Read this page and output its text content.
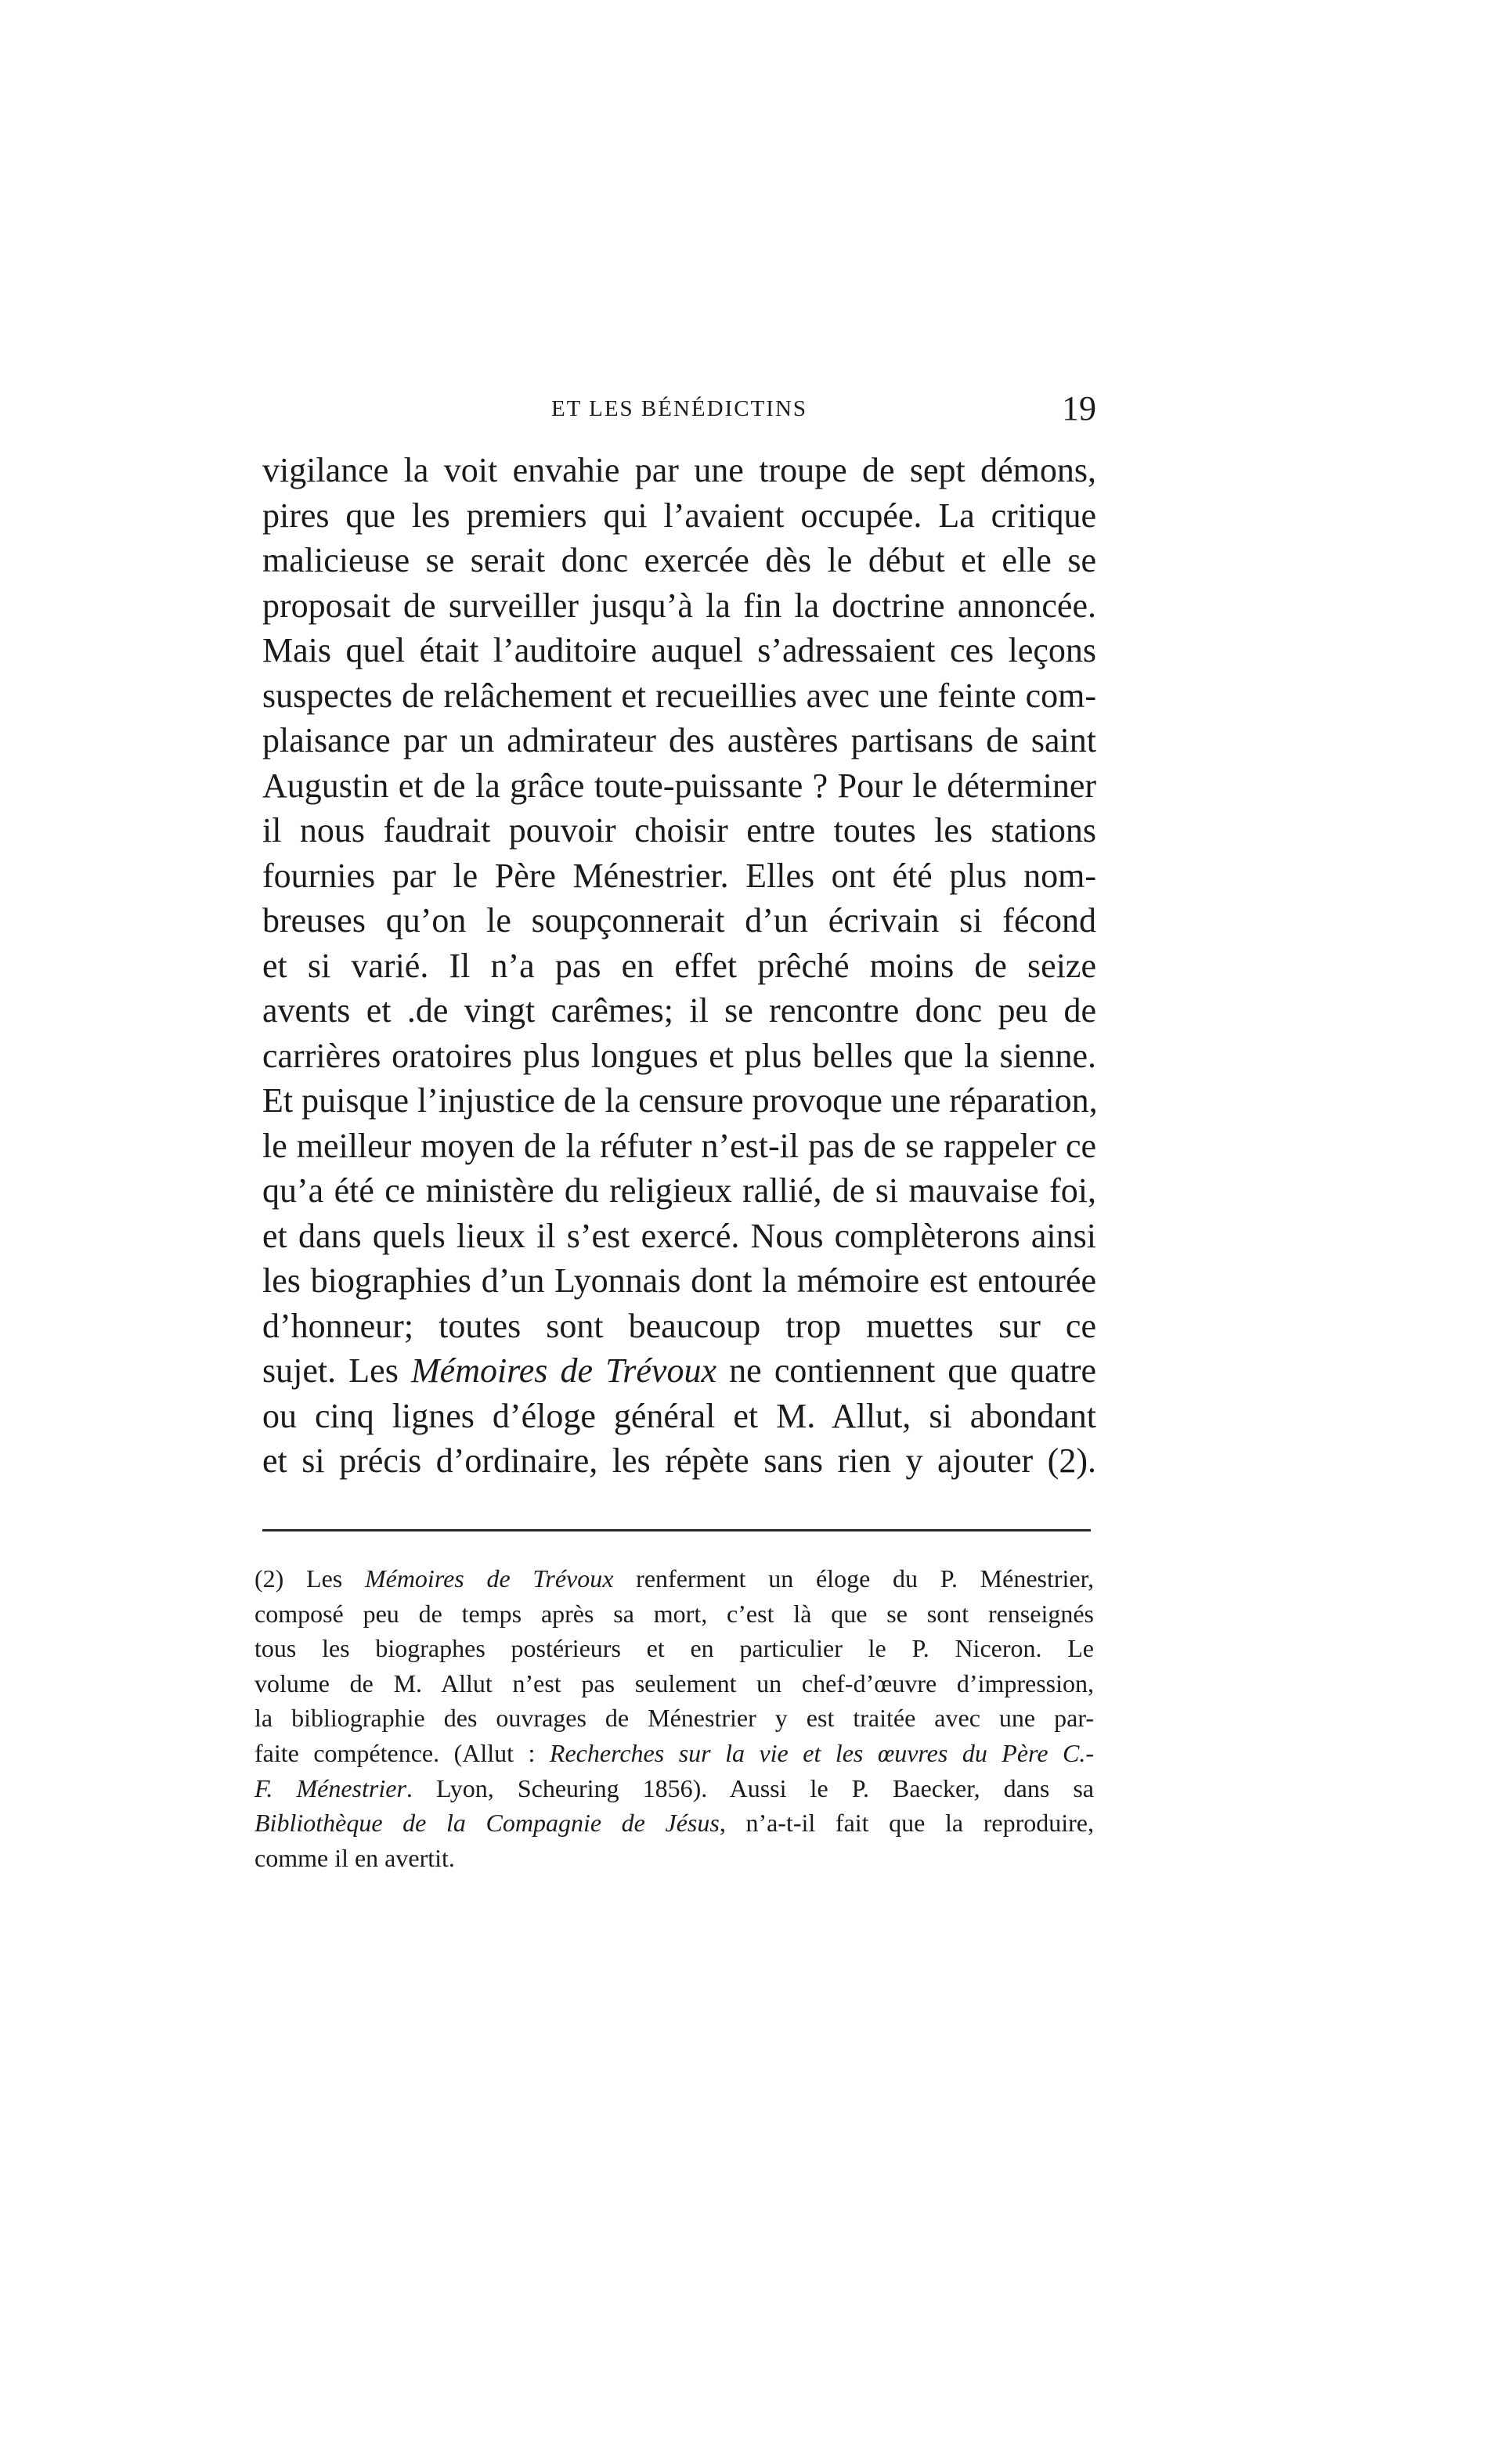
ET LES BÉNÉDICTINS	19
vigilance la voit envahie par une troupe de sept démons,
pires que les premiers qui l’avaient occupée. La critique
malicieuse se serait donc exercée dès le début et elle se
proposait de surveiller jusqu’à la fin la doctrine annoncée.
Mais quel était l’auditoire auquel s’adressaient ces leçons
suspectes de relâchement et recueillies avec une feinte com-
plaisance par un admirateur des austères partisans de saint
Augustin et de la grâce toute-puissante ? Pour le déterminer
il nous faudrait pouvoir choisir entre toutes les stations
fournies par le Père Ménestrier. Elles ont été plus nom-
breuses qu’on le soupçonnerait d’un écrivain si fécond
et si varié. Il n’a pas en effet prêché moins de seize
avents et .de vingt carêmes; il se rencontre donc peu de
carrières oratoires plus longues et plus belles que la sienne.
Et puisque l’injustice de la censure provoque une réparation,
le meilleur moyen de la réfuter n’est-il pas de se rappeler ce
qu’a été ce ministère du religieux rallié, de si mauvaise foi,
et dans quels lieux il s’est exercé. Nous complèterons ainsi
les biographies d’un Lyonnais dont la mémoire est entourée
d’honneur; toutes sont beaucoup trop muettes sur ce
sujet. Les Mémoires de Trévoux ne contiennent que quatre
ou cinq lignes d’éloge général et M. Allut, si abondant
et si précis d’ordinaire, les répète sans rien y ajouter (2).
(2) Les Mémoires de Trévoux renferment un éloge du P. Ménestrier,
composé peu de temps après sa mort, c’est là que se sont renseignés
tous les biographes postérieurs et en particulier le P. Niceron. Le
volume de M. Allut n’est pas seulement un chef-d’œuvre d’impression,
la bibliographie des ouvrages de Ménestrier y est traitée avec une par-
faite compétence. (Allut : Recherches sur la vie et les œuvres du Père C.-
F. Ménestrier. Lyon, Scheuring 1856). Aussi le P. Baecker, dans sa
Bibliothèque de la Compagnie de Jésus, n’a-t-il fait que la reproduire,
comme il en avertit.
